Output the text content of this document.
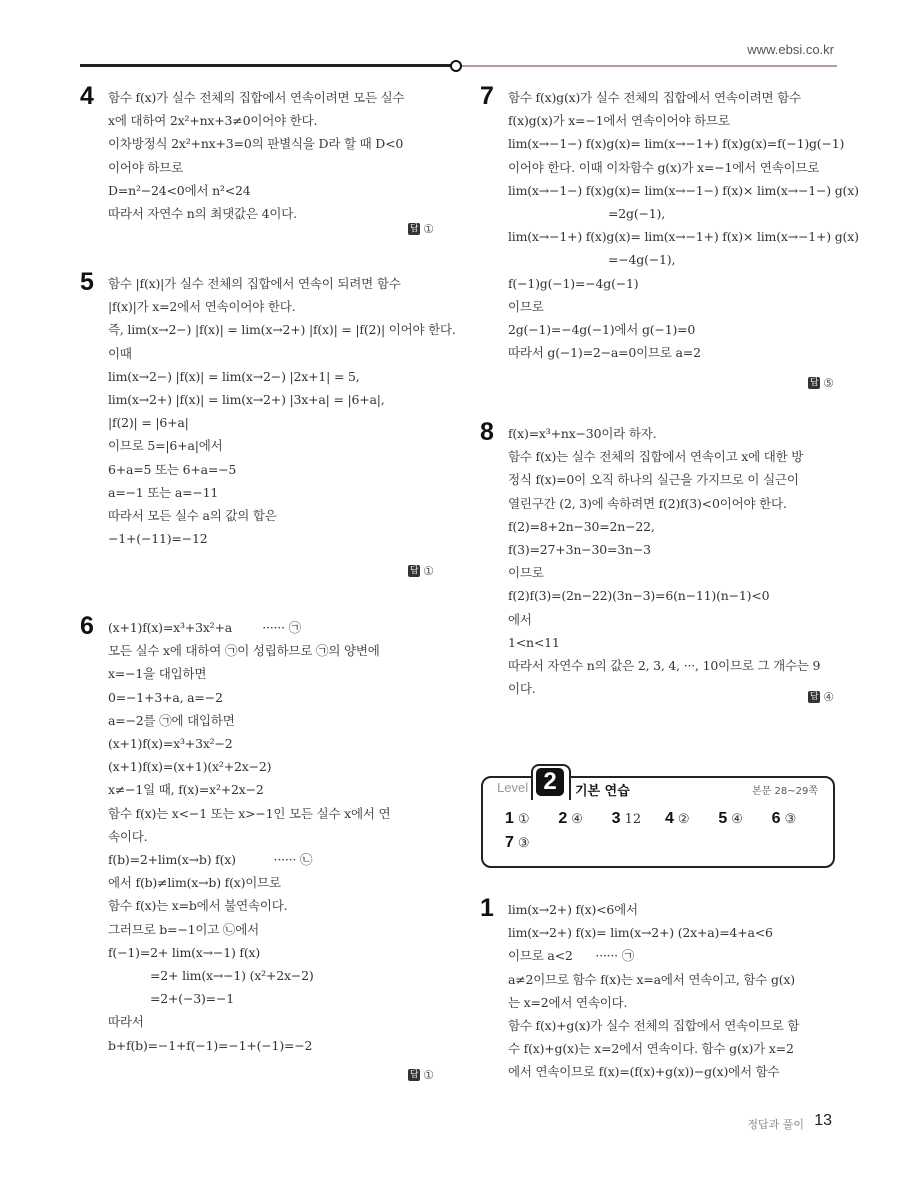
www.ebsi.co.kr
4 함수 f(x)가 실수 전체의 집합에서 연속이려면 모든 실수
x에 대하여 2x²+nx+3≠0이어야 한다.
이차방정식 2x²+nx+3=0의 판별식을 D라 할 때 D<0
이어야 하므로
D=n²−24<0에서 n²<24
따라서 자연수 n의 최댓값은 4이다.
답 ①
5 함수 |f(x)|가 실수 전체의 집합에서 연속이 되려면 함수
|f(x)|가 x=2에서 연속이어야 한다.
즉, lim(x→2−) |f(x)| = lim(x→2+) |f(x)| = |f(2)| 이어야 한다.
이때
lim(x→2−) |f(x)| = lim(x→2−) |2x+1| = 5,
lim(x→2+) |f(x)| = lim(x→2+) |3x+a| = |6+a|,
|f(2)| = |6+a|
이므로 5=|6+a|에서
6+a=5 또는 6+a=−5
a=−1 또는 a=−11
따라서 모든 실수 a의 값의 합은
−1+(−11)=−12
답 ①
6 (x+1)f(x)=x³+3x²+a        ······ ㉠
모든 실수 x에 대하여 ㉠이 성립하므로 ㉠의 양변에
x=−1을 대입하면
0=−1+3+a, a=−2
a=−2를 ㉠에 대입하면
(x+1)f(x)=x³+3x²−2
(x+1)f(x)=(x+1)(x²+2x−2)
x≠−1일 때, f(x)=x²+2x−2
함수 f(x)는 x<−1 또는 x>−1인 모든 실수 x에서 연
속이다.
f(b)=2+lim(x→b) f(x)          ······ ㉡
에서 f(b)≠lim(x→b) f(x)이므로
함수 f(x)는 x=b에서 불연속이다.
그러므로 b=−1이고 ㉡에서
f(−1)=2+ lim(x→−1) f(x)
=2+ lim(x→−1) (x²+2x−2)
=2+(−3)=−1
따라서
b+f(b)=−1+f(−1)=−1+(−1)=−2
답 ①
7 함수 f(x)g(x)가 실수 전체의 집합에서 연속이려면 함수
f(x)g(x)가 x=−1에서 연속이어야 하므로
lim(x→−1−) f(x)g(x)= lim(x→−1+) f(x)g(x)=f(−1)g(−1)
이어야 한다. 이때 이차함수 g(x)가 x=−1에서 연속이므로
lim(x→−1−) f(x)g(x)= lim(x→−1−) f(x)× lim(x→−1−) g(x)
=2g(−1),
lim(x→−1+) f(x)g(x)= lim(x→−1+) f(x)× lim(x→−1+) g(x)
=−4g(−1),
f(−1)g(−1)=−4g(−1)
이므로
2g(−1)=−4g(−1)에서 g(−1)=0
따라서 g(−1)=2−a=0이므로 a=2
답 ⑤
8 f(x)=x³+nx−30이라 하자.
함수 f(x)는 실수 전체의 집합에서 연속이고 x에 대한 방
정식 f(x)=0이 오직 하나의 실근을 가지므로 이 실근이
열린구간 (2, 3)에 속하려면 f(2)f(3)<0이어야 한다.
f(2)=8+2n−30=2n−22,
f(3)=27+3n−30=3n−3
이므로
f(2)f(3)=(2n−22)(3n−3)=6(n−11)(n−1)<0
에서
1<n<11
따라서 자연수 n의 값은 2, 3, 4, ···, 10이므로 그 개수는 9
이다.
답 ④
Level 2	기본 연습	본문 28~29쪽
1 ① 2 ④ 3 12 4 ② 5 ④ 6 ③
7 ③
1 lim(x→2+) f(x)<6에서
lim(x→2+) f(x)= lim(x→2+) (2x+a)=4+a<6
이므로 a<2      ······ ㉠
a≠2이므로 함수 f(x)는 x=a에서 연속이고, 함수 g(x)
는 x=2에서 연속이다.
함수 f(x)+g(x)가 실수 전체의 집합에서 연속이므로 함
수 f(x)+g(x)는 x=2에서 연속이다. 함수 g(x)가 x=2
에서 연속이므로 f(x)=(f(x)+g(x))−g(x)에서 함수
정답과 풀이 13
